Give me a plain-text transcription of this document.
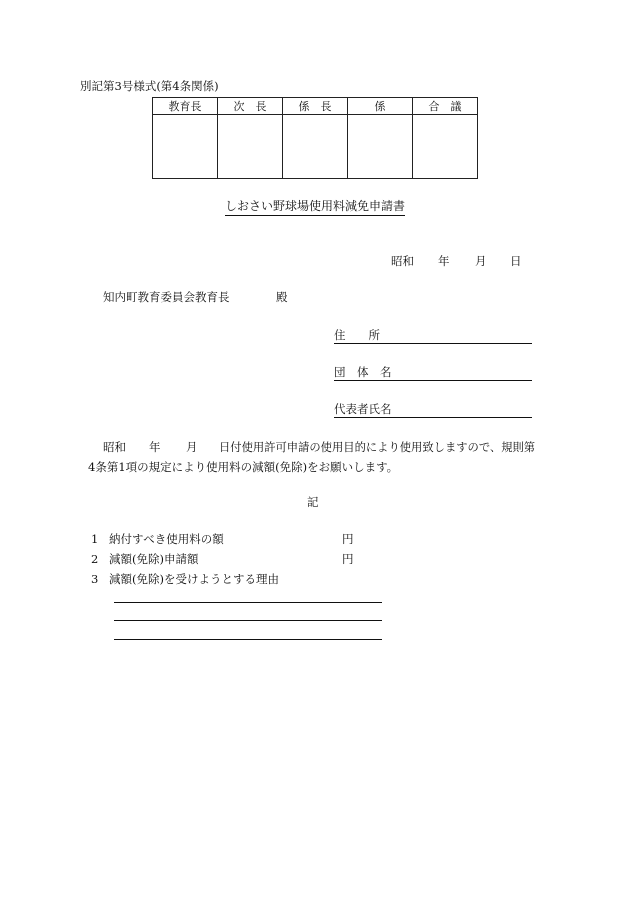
別記第3号様式(第4条関係)
教育長	次　長	係　長	係	合　議

しおさい野球場使用料減免申請書
昭和 年 月 日
知内町教育委員会教育長	殿
住　　所
団　体　名
代表者氏名
昭和 年 月 日付使用許可申請の使用目的により使用致しますので、規則第
4条第1項の規定により使用料の減額(免除)をお願いします。
記
1 納付すべき使用料の額	円
2 減額(免除)申請額	円
3 減額(免除)を受けようとする理由
